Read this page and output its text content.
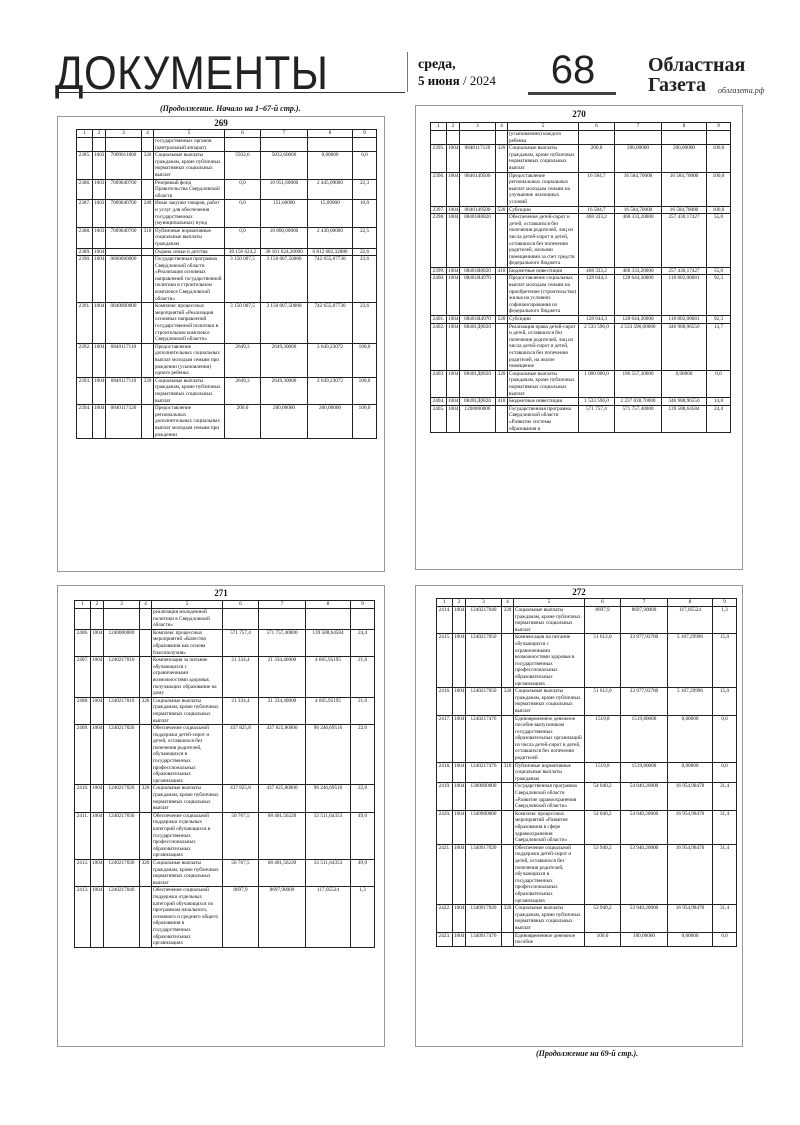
ДОКУМЕНТЫ	среда,
5 июня / 2024	68	Областная
Газета	облгазета.рф
(Продолжение. Начало на 1–67-й стр.).
269
1	2	3	4	5	6	7	8	9
				государственных органов (центральный аппарат)				
2385.	1003	7009011000	320	Социальные выплаты гражданам, кроме публичных нормативных социальных выплат	5932,6	5832,60000	0,00000	0,0
2386.	1003	7009040700		Резервный фонд Правительства Свердловской области	0,0	10 951,60000	2 445,09000	22,3
2387.	1003	7009040700	240	Иные закупки товаров, работ и услуг для обеспечения государственных (муниципальных) нужд	0,0	151,60000	15,09000	10,0
2388.	1003	7009040700	310	Публичные нормативные социальные выплаты гражданам	0,0	10 800,00000	2 430,00000	22,5
2389.	1004			Охрана семьи и детства	30 156 624,2	30 161 624,20000	6 812 682,32886	22,6
2390.	1004	0800000000		Государственная программа Свердловской области «Реализация основных направлений государственной политики в строительном комплексе Свердловской области»	3 150 007,5	3 150 007,50000	742 655,07730	23,6
2391.	1004	0840000000		Комплекс процессных мероприятий «Реализация основных направлений государственной политики в строительном комплексе Свердловской области»	3 150 007,5	3 150 007,50000	742 655,07730	23,6
2392.	1004	0840117110		Предоставление дополнительных социальных выплат молодым семьям при рождении (усыновлении) одного ребенка	2649,3	2649,30000	2 649,23072	100,0
2393.	1004	0840117110	320	Социальные выплаты гражданам, кроме публичных нормативных социальных выплат	2649,3	2649,30000	2 649,23072	100,0
2394.	1004	0840117120		Предоставление региональных дополнительных социальных выплат молодым семьям при рождении	200,0	200,00000	200,00000	100,0
270
1	2	3	4	5	6	7	8	9
				(усыновлении) каждого ребенка				
2395.	1004	0840117120	320	Социальные выплаты гражданам, кроме публичных нормативных социальных выплат	200,0	200,00000	200,00000	100,0
2396.	1004	0840149500		Предоставление региональных социальных выплат молодым семьям на улучшение жилищных условий	16 584,7	16 584,70000	16 584,70000	100,0
2397.	1004	0840149500	520	Субсидии	16 584,7	16 584,70000	16 584,70000	100,0
2398.	1004	08401R0820		Обеспечение детей-сирот и детей, оставшихся без попечения родителей, лиц из числа детей-сирот и детей, оставшихся без попечения родителей, жилыми помещениями за счет средств федерального бюджета	468 333,2	468 333,20000	257 430,17427	55,0
2399.	1004	08401R0820	410	Бюджетные инвестиции	468 333,2	468 333,20000	257 430,17427	55,0
2400.	1004	08401R4970		Предоставление социальных выплат молодым семьям на приобретение (строительство) жилья на условиях софинансирования из федерального бюджета	128 644,3	128 644,30000	118 802,00681	92,3
2401.	1004	08401R4970	520	Субсидии	128 644,3	128 644,30000	118 802,00681	92,3
2402.	1004	08401Д0820		Реализация права детей-сирот и детей, оставшихся без попечения родителей, лиц из числа детей-сирот и детей, оставшихся без попечения родителей, на жилое помещение	2 533 596,0	2 533 596,00000	346 988,96550	13,7
2403.	1004	08401Д0820	320	Социальные выплаты гражданам, кроме публичных нормативных социальных выплат	1 000 000,0	196 557,30000	0,00000	0,0
2404.	1004	08401Д0820	410	Бюджетные инвестиции	1 533 596,0	2 337 038,70000	346 988,96550	14,8
2405.	1004	1200000000		Государственная программа Свердловской области «Развитие системы образования и	571 757,4	571 757,40000	139 588,64584	24,4
271
1	2	3	4	5	6	7	8	9
				реализация молодежной политики в Свердловской области»				
2406.	1004	1240000000		Комплекс процессных мероприятий «Качество образования как основа благополучия»	571 757,4	571 757,40000	139 588,64584	24,4
2407.	1004	1240217010		Компенсация за питание обучающихся с ограниченными возможностями здоровья, получающих образование на дому	21 334,4	21 334,40000	4 605,95195	21,6
2408.	1004	1240217010	320	Социальные выплаты гражданам, кроме публичных нормативных социальных выплат	21 334,4	21 334,40000	4 605,95195	21,6
2409.	1004	1240217020		Обеспечение социальной поддержки детей-сирот и детей, оставшихся без попечения родителей, обучающихся в государственных профессиональных образовательных организациях	437 825,8	437 825,80000	96 246,69516	22,0
2410.	1004	1240217020	320	Социальные выплаты гражданам, кроме публичных нормативных социальных выплат	437 825,8	437 825,80000	96 246,69516	22,0
2411.	1004	1240217030		Обеспечение социальной поддержки отдельных категорий обучающихся в государственных профессиональных образовательных организациях	50 767,5	68 401,56220	33 511,64353	49,0
2412.	1004	1240217030	320	Социальные выплаты гражданам, кроме публичных нормативных социальных выплат	50 767,5	68 401,56220	33 511,64353	49,0
2413.	1004	1240217040		Обеспечение социальной поддержки отдельных категорий обучающихся по программам начального, основного и среднего общего образования в государственных образовательных организациях	8697,9	8697,90000	117,05524	1,3
272
1	2	3	4	5	6	7	8	9
2414.	1004	1240217040	320	Социальные выплаты гражданам, кроме публичных нормативных социальных выплат	8697,9	8697,90000	117,05524	1,3
2415.	1004	1240217050		Компенсация на питание обучающихся с ограниченными возможностями здоровья в государственных профессиональных образовательных организациях	51 612,0	33 977,93780	5 107,29996	15,0
2416.	1004	1240217050	320	Социальные выплаты гражданам, кроме публичных нормативных социальных выплат	51 612,0	33 977,93780	5 107,29996	15,0
2417.	1004	1240217476		Единовременное денежное пособие выпускникам государственных образовательных организаций из числа детей-сирот и детей, оставшихся без попечения родителей	1519,8	1519,80000	0,00000	0,0
2418.	1004	1240217476	310	Публичные нормативные социальные выплаты гражданам	1519,8	1519,80000	0,00000	0,0
2419.	1004	1300000000		Государственная программа Свердловской области «Развитие здравоохранения Свердловской области»	54 040,2	54 040,20000	16 954,98470	31,4
2420.	1004	1340900000		Комплекс процессных мероприятий «Развитие образования в сфере здравоохранения Свердловской области»	54 040,2	54 040,20000	16 954,98470	31,4
2421.	1004	1340917020		Обеспечение социальной поддержки детей-сирот и детей, оставшихся без попечения родителей, обучающихся в государственных профессиональных образовательных организациях	53 940,2	53 940,20000	16 954,98470	31,4
2422.	1004	1340917020	320	Социальные выплаты гражданам, кроме публичных нормативных социальных выплат	53 940,2	53 940,20000	16 954,98470	31,4
2423.	1004	1340917476		Единовременное денежное пособие	100,0	100,00000	0,00000	0,0
(Продолжение на 69-й стр.).
